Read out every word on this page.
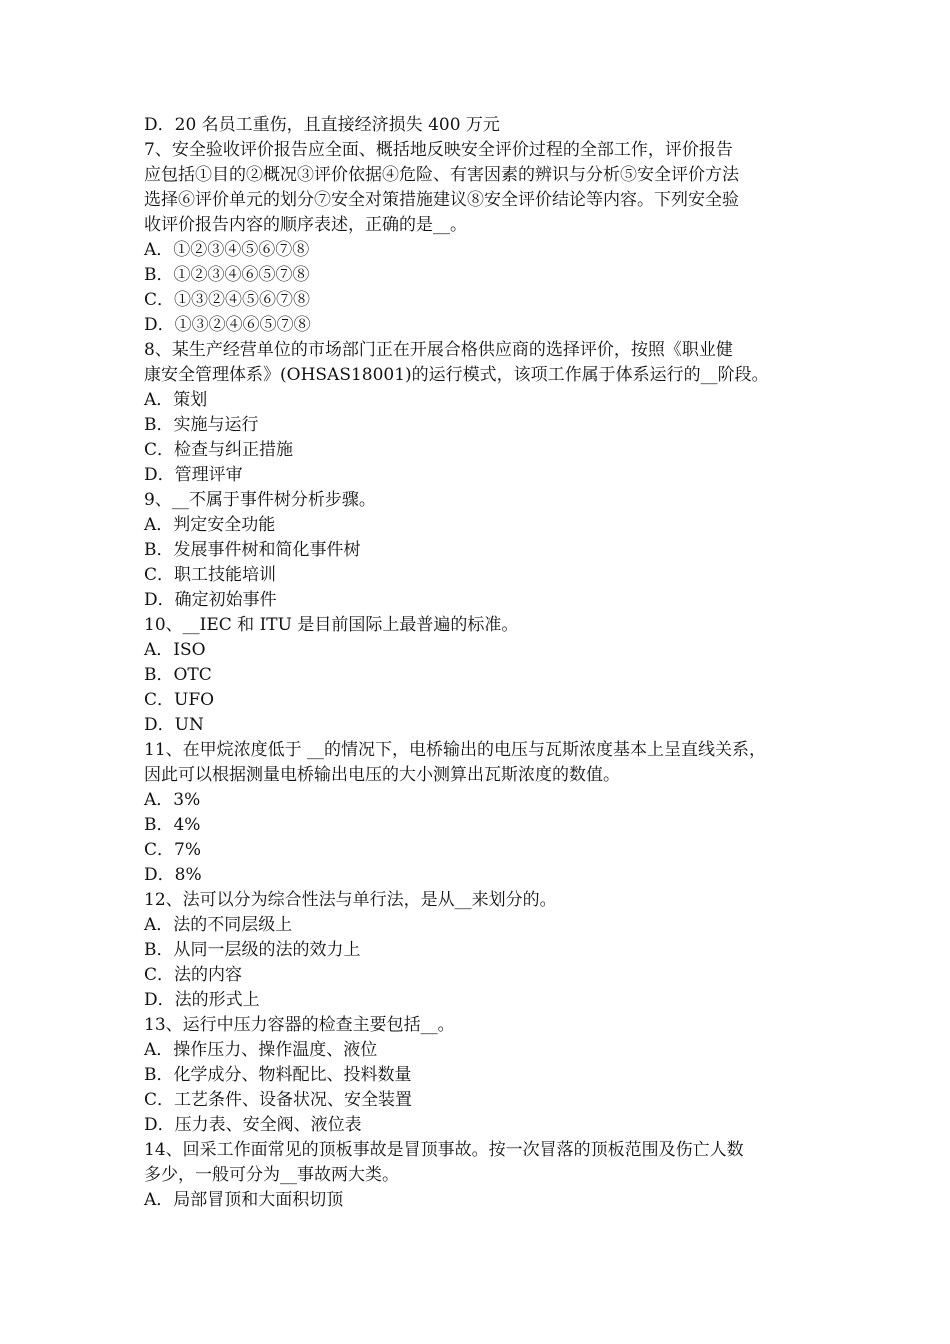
D．20 名员工重伤，且直接经济损失 400 万元
7、安全验收评价报告应全面、概括地反映安全评价过程的全部工作，评价报告
应包括①目的②概况③评价依据④危险、有害因素的辨识与分析⑤安全评价方法
选择⑥评价单元的划分⑦安全对策措施建议⑧安全评价结论等内容。下列安全验
收评价报告内容的顺序表述，正确的是__。
A．①②③④⑤⑥⑦⑧
B．①②③④⑥⑤⑦⑧
C．①③②④⑤⑥⑦⑧
D．①③②④⑥⑤⑦⑧
8、某生产经营单位的市场部门正在开展合格供应商的选择评价，按照《职业健
康安全管理体系》(OHSAS18001)的运行模式，该项工作属于体系运行的__阶段。
A．策划
B．实施与运行
C．检查与纠正措施
D．管理评审
9、__不属于事件树分析步骤。
A．判定安全功能
B．发展事件树和简化事件树
C．职工技能培训
D．确定初始事件
10、__IEC 和 ITU 是目前国际上最普遍的标准。
A．ISO
B．OTC
C．UFO
D．UN
11、在甲烷浓度低于 __的情况下，电桥输出的电压与瓦斯浓度基本上呈直线关系，
因此可以根据测量电桥输出电压的大小测算出瓦斯浓度的数值。
A．3%
B．4%
C．7%
D．8%
12、法可以分为综合性法与单行法，是从__来划分的。
A．法的不同层级上
B．从同一层级的法的效力上
C．法的内容
D．法的形式上
13、运行中压力容器的检查主要包括__。
A．操作压力、操作温度、液位
B．化学成分、物料配比、投料数量
C．工艺条件、设备状况、安全装置
D．压力表、安全阀、液位表
14、回采工作面常见的顶板事故是冒顶事故。按一次冒落的顶板范围及伤亡人数
多少，一般可分为__事故两大类。
A．局部冒顶和大面积切顶
